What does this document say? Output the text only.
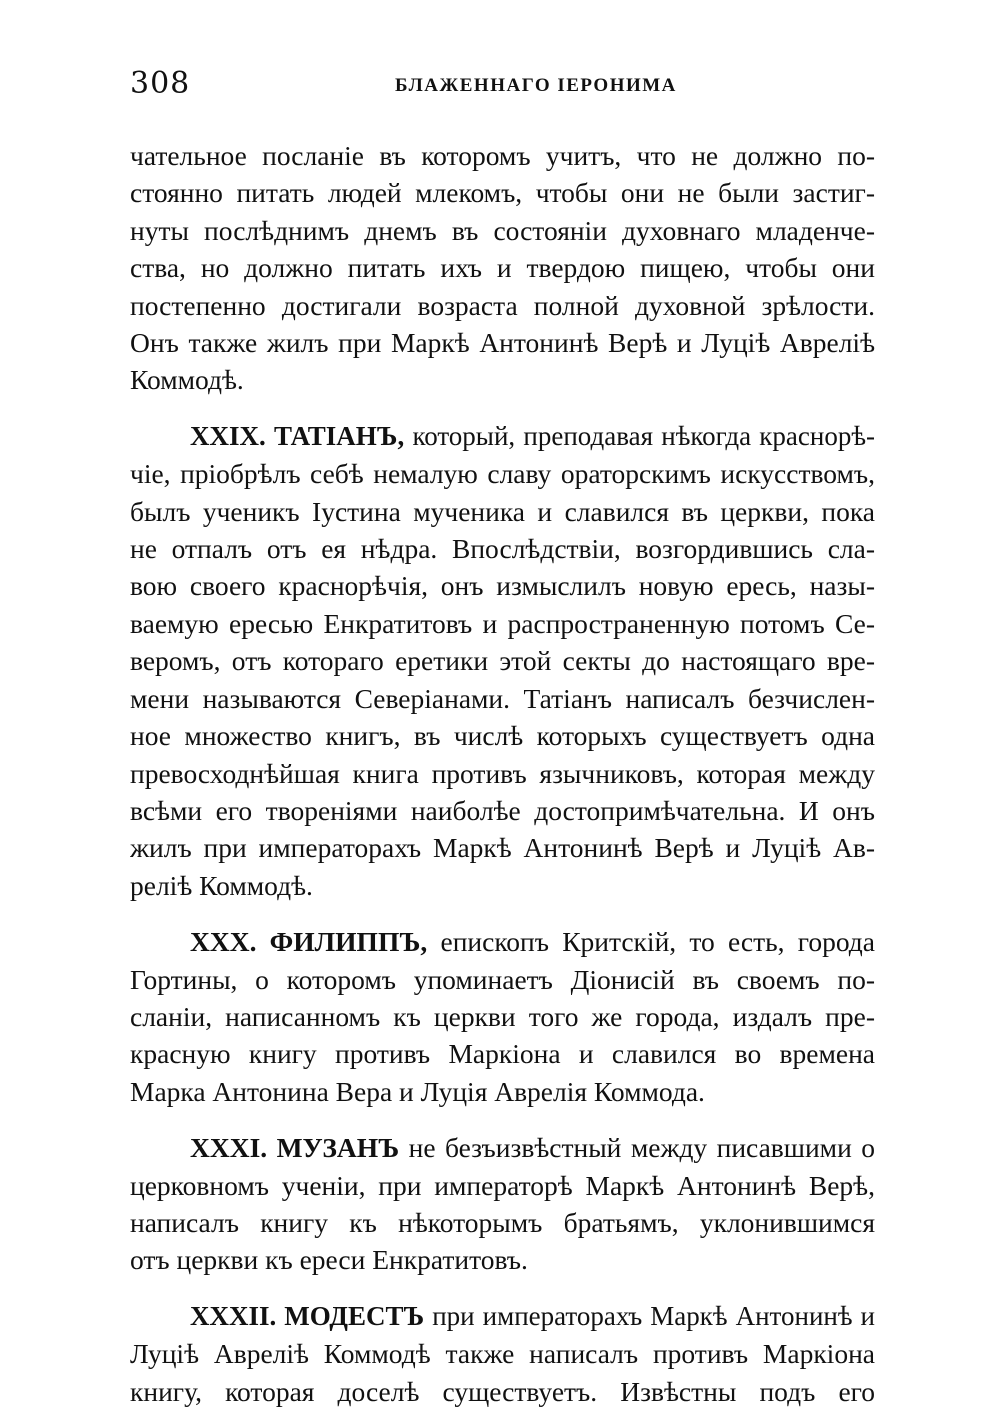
308	БЛАЖЕННАГО ІЕРОНИМА

чательное посланіе въ которомъ учитъ, что не должно по-
стоянно питать людей млекомъ, чтобы они не были застиг-
нуты послѣднимъ днемъ въ состояніи духовнаго младенче-
ства, но должно питать ихъ и твердою пищею, чтобы они
постепенно достигали возраста полной духовной зрѣлости.
Онъ также жилъ при Маркѣ Антонинѣ Верѣ и Луціѣ Авреліѣ
Коммодѣ.

XXIX. ТАТІАНЪ, который, преподавая нѣкогда краснорѣ-
чіе, пріобрѣлъ себѣ немалую славу ораторскимъ искусствомъ,
былъ ученикъ Іустина мученика и славился въ церкви, пока
не отпалъ отъ ея нѣдра. Впослѣдствіи, возгордившись сла-
вою своего краснорѣчія, онъ измыслилъ новую ересь, назы-
ваемую ересью Енкратитовъ и распространенную потомъ Се-
веромъ, отъ котораго еретики этой секты до настоящаго вре-
мени называются Северіанами. Татіанъ написалъ безчислен-
ное множество книгъ, въ числѣ которыхъ существуетъ одна
превосходнѣйшая книга противъ язычниковъ, которая между
всѣми его твореніями наиболѣе достопримѣчательна. И онъ
жилъ при императорахъ Маркѣ Антонинѣ Верѣ и Луціѣ Ав-
реліѣ Коммодѣ.

XXX. ФИЛИППЪ, епископъ Критскій, то есть, города
Гортины, о которомъ упоминаетъ Діонисій въ своемъ по-
сланіи, написанномъ къ церкви того же города, издалъ пре-
красную книгу противъ Маркіона и славился во времена
Марка Антонина Вера и Луція Аврелія Коммода.

XXXI. МУЗАНЪ не безъизвѣстный между писавшими о
церковномъ ученіи, при императорѣ Маркѣ Антонинѣ Верѣ,
написалъ книгу къ нѣкоторымъ братьямъ, уклонившимся
отъ церкви къ ереси Енкратитовъ.

XXXII. МОДЕСТЪ при императорахъ Маркѣ Антонинѣ и
Луціѣ Авреліѣ Коммодѣ также написалъ противъ Маркіона
книгу, которая доселѣ существуетъ. Извѣстны подъ его
